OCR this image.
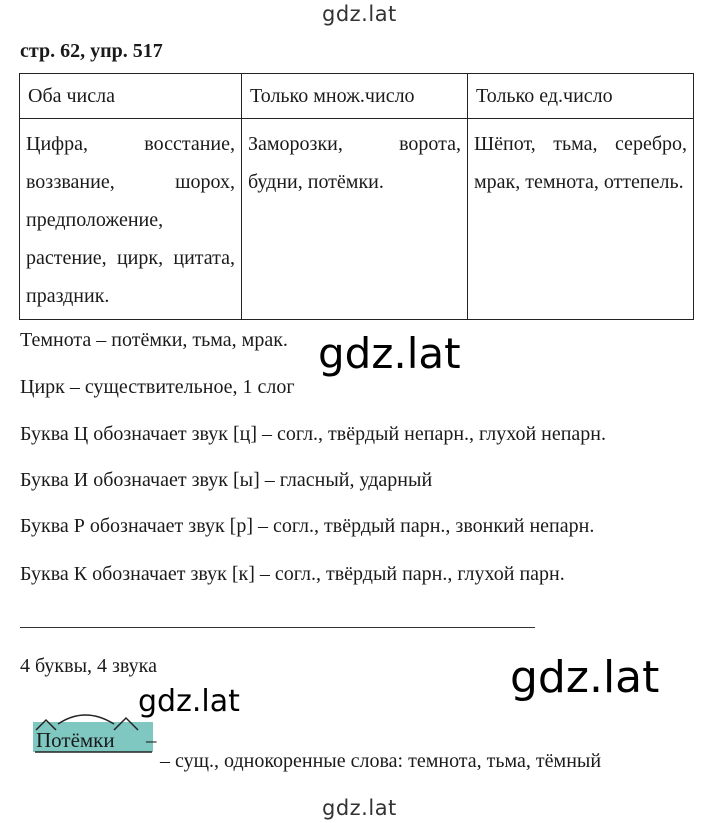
gdz.lat
gdz.lat
gdz.lat
gdz.lat
gdz.lat
стр. 62, упр. 517
Оба числа	Только множ.число	Только ед.число
Цифра, восстание, воззвание, шорох, предположение, растение, цирк, цитата, праздник.	Заморозки, ворота, будни, потёмки.	Шёпот, тьма, серебро, мрак, темнота, оттепель.
Темнота – потёмки, тьма, мрак.
Цирк – существительное, 1 слог
Буква Ц обозначает звук [ц] – согл., твёрдый непарн., глухой непарн.
Буква И обозначает звук [ы] – гласный, ударный
Буква Р обозначает звук [р] – согл., твёрдый парн., звонкий непарн.
Буква К обозначает звук [к] – согл., твёрдый парн., глухой парн.
4 буквы, 4 звука
Потёмки –
– сущ., однокоренные слова: темнота, тьма, тёмный
